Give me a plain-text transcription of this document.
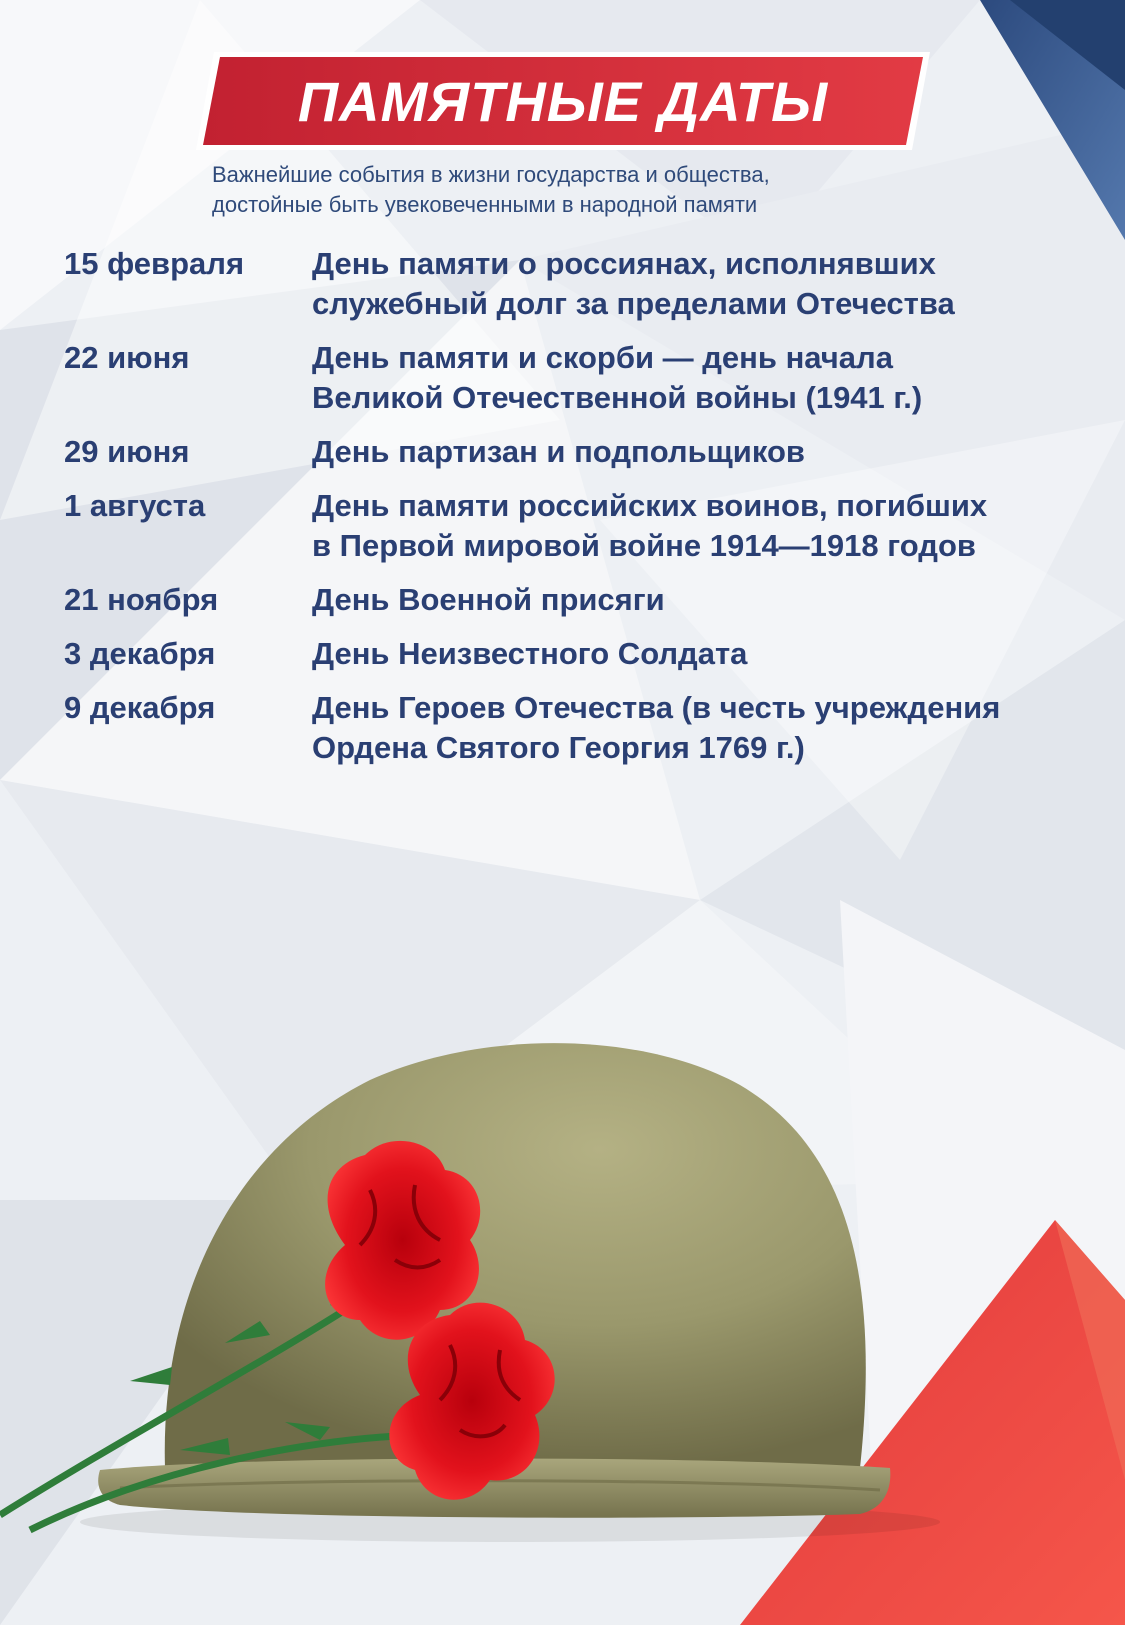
ПАМЯТНЫЕ ДАТЫ
Важнейшие события в жизни государства и общества,
достойные быть увековеченными в народной памяти
15 февраля	День памяти о россиянах, исполнявших
служебный долг за пределами Отечества
22 июня	День памяти и скорби — день начала
Великой Отечественной войны (1941 г.)
29 июня	День партизан и подпольщиков
1 августа	День памяти российских воинов, погибших
в Первой мировой войне 1914—1918 годов
21 ноября	День Военной присяги
3 декабря	День Неизвестного Солдата
9 декабря	День Героев Отечества (в честь учреждения
Ордена Святого Георгия 1769 г.)
